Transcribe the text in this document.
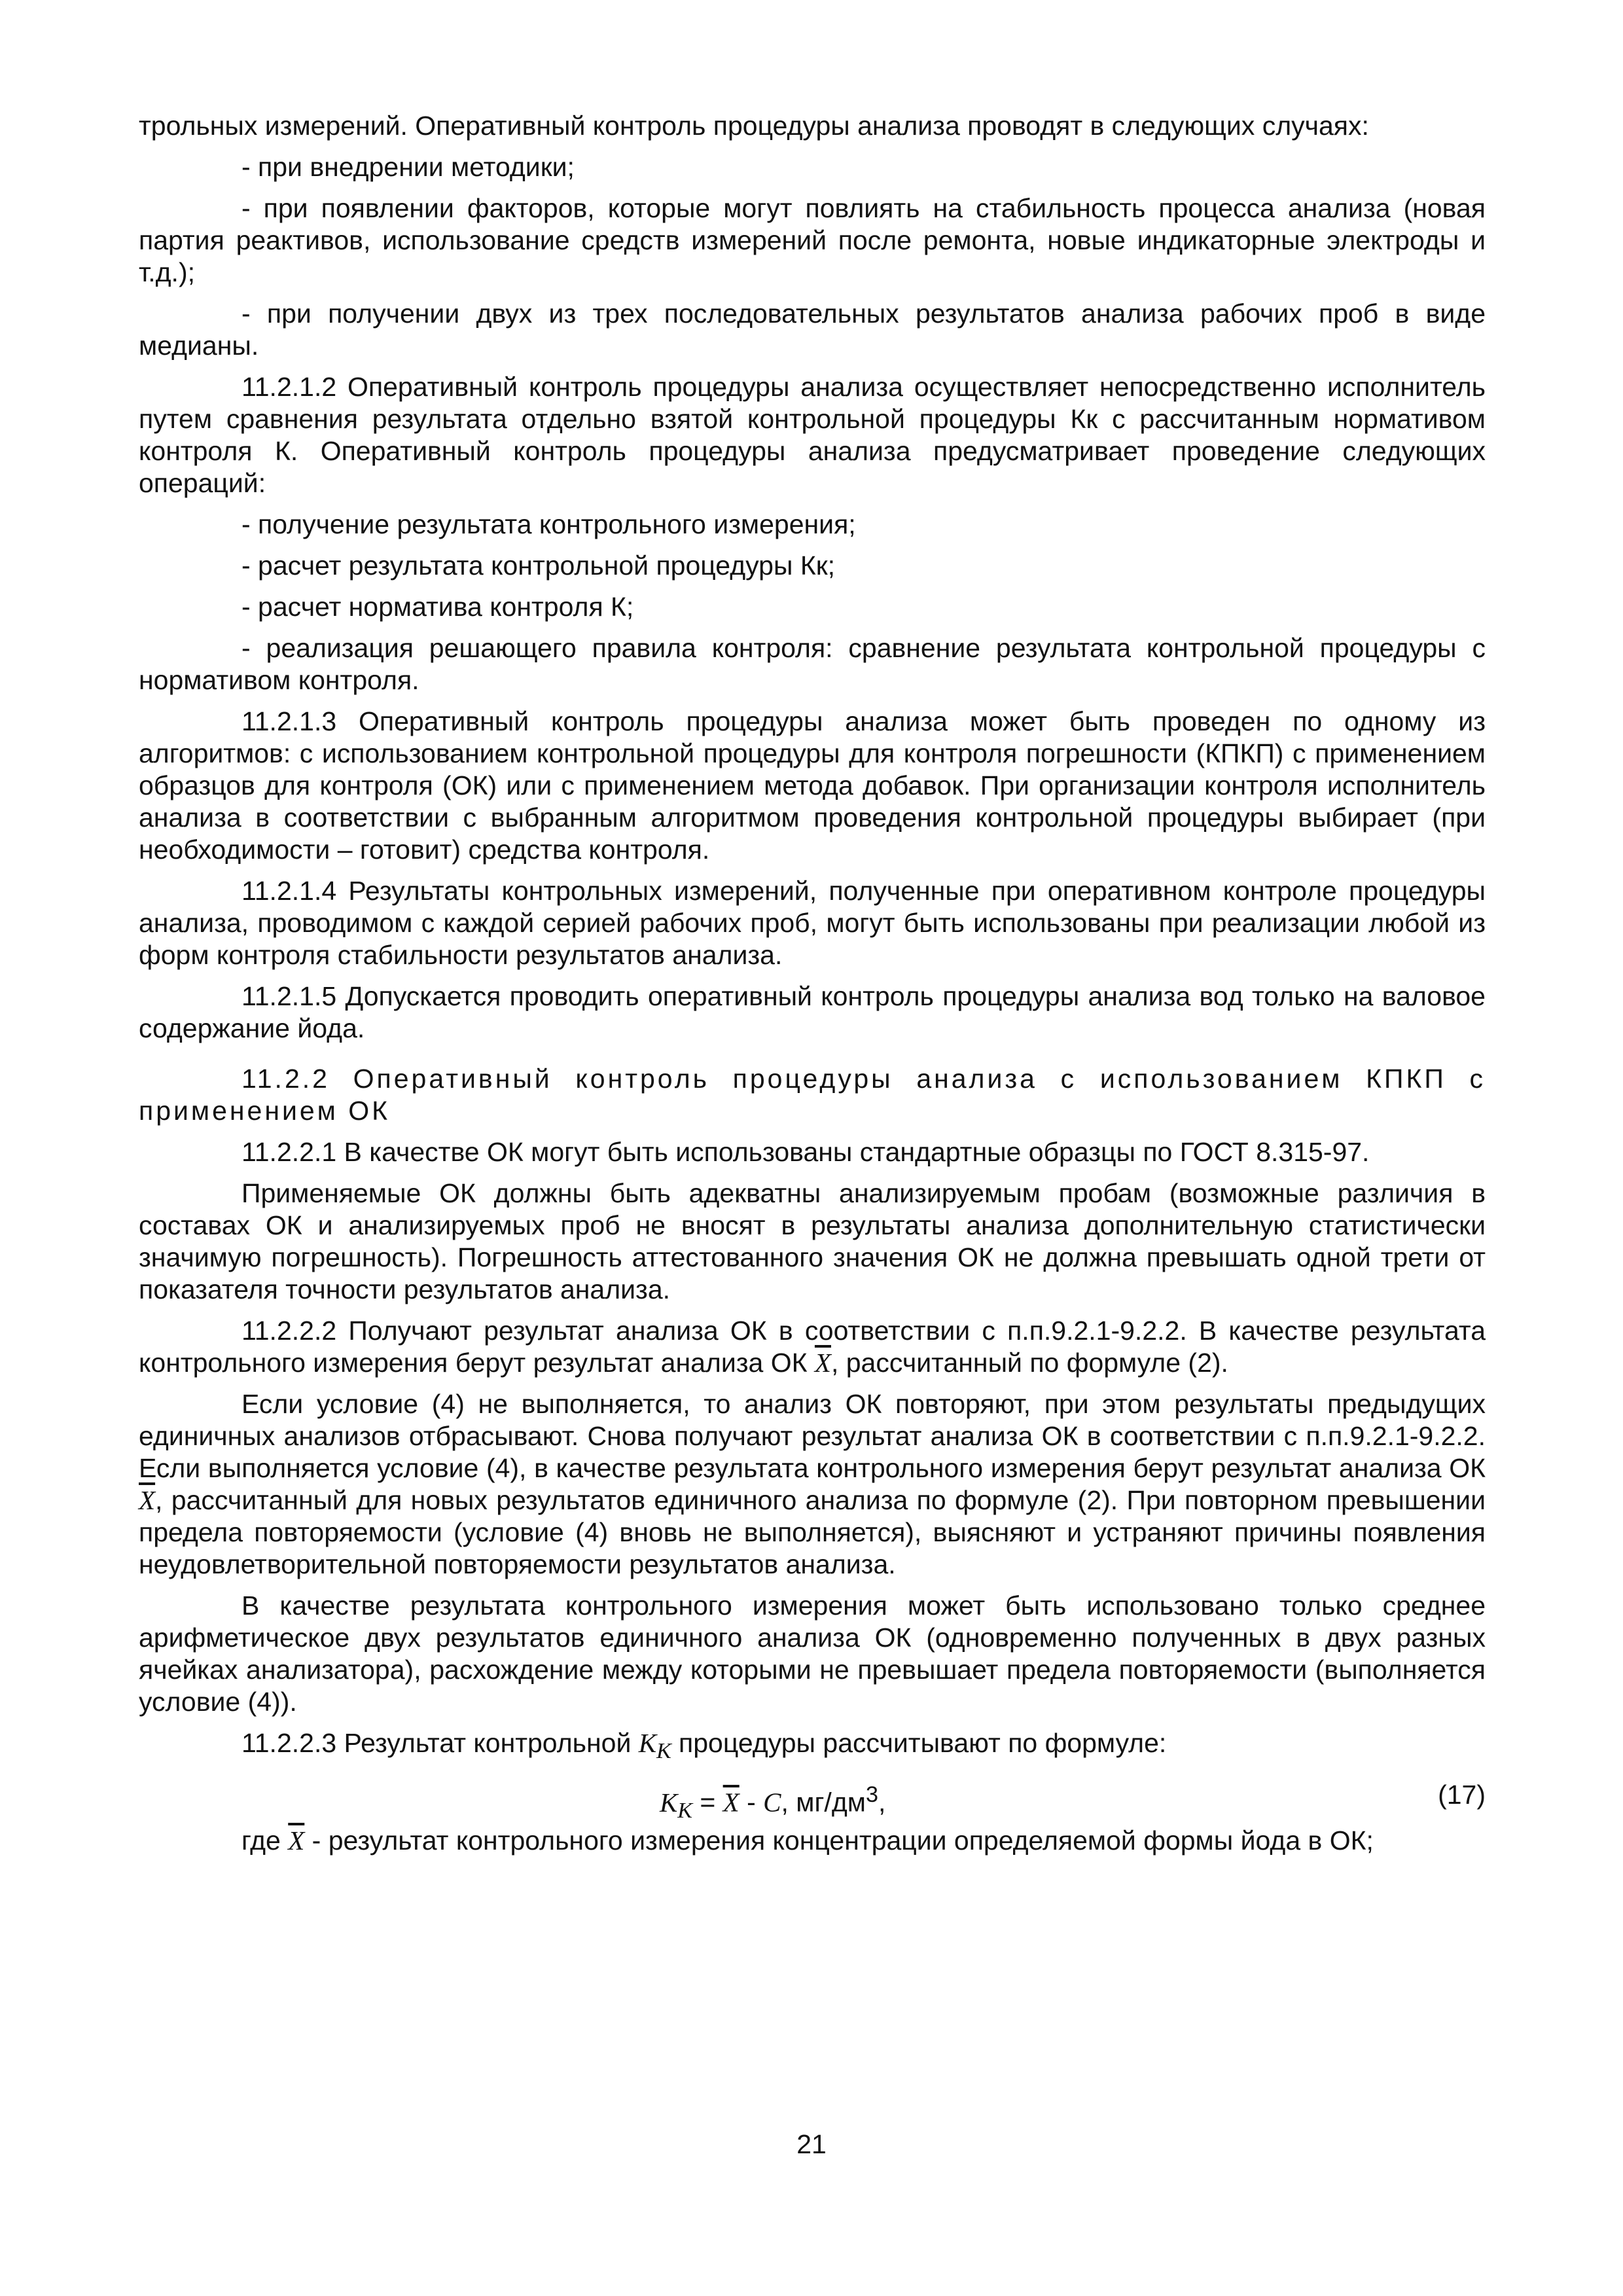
трольных измерений. Оперативный контроль процедуры анализа проводят в следующих случаях:

- при внедрении методики;

- при появлении факторов, которые могут повлиять на стабильность процесса анализа (новая партия реактивов, использование средств измерений после ремонта, новые индикаторные электроды и т.д.);

- при получении двух из трех последовательных результатов анализа рабочих проб в виде медианы.

11.2.1.2 Оперативный контроль процедуры анализа осуществляет непосредственно исполнитель путем сравнения результата отдельно взятой контрольной процедуры Кк с рассчитанным нормативом контроля К. Оперативный контроль процедуры анализа предусматривает проведение следующих операций:

- получение результата контрольного измерения;

- расчет результата контрольной процедуры Кк;

- расчет норматива контроля К;

- реализация решающего правила контроля: сравнение результата контрольной процедуры с нормативом контроля.

11.2.1.3 Оперативный контроль процедуры анализа может быть проведен по одному из алгоритмов: с использованием контрольной процедуры для контроля погрешности (КПКП) с применением образцов для контроля (ОК) или с применением метода добавок. При организации контроля исполнитель анализа в соответствии с выбранным алгоритмом проведения контрольной процедуры выбирает (при необходимости – готовит) средства контроля.

11.2.1.4 Результаты контрольных измерений, полученные при оперативном контроле процедуры анализа, проводимом с каждой серией рабочих проб, могут быть использованы при реализации любой из форм контроля стабильности результатов анализа.

11.2.1.5 Допускается проводить оперативный контроль процедуры анализа вод только на валовое содержание йода.

11.2.2 Оперативный контроль процедуры анализа с использованием КПКП с применением ОК

11.2.2.1 В качестве ОК могут быть использованы стандартные образцы по ГОСТ 8.315-97.

Применяемые ОК должны быть адекватны анализируемым пробам (возможные различия в составах ОК и анализируемых проб не вносят в результаты анализа дополнительную статистически значимую погрешность). Погрешность аттестованного значения ОК не должна превышать одной трети от показателя точности результатов анализа.

11.2.2.2 Получают результат анализа ОК в соответствии с п.п.9.2.1-9.2.2. В качестве результата контрольного измерения берут результат анализа ОК $\overline{X}$, рассчитанный по формуле (2).

Если условие (4) не выполняется, то анализ ОК повторяют, при этом результаты предыдущих единичных анализов отбрасывают. Снова получают результат анализа ОК в соответствии с п.п.9.2.1-9.2.2. Если выполняется условие (4), в качестве результата контрольного измерения берут результат анализа ОК $\overline{X}$, рассчитанный для новых результатов единичного анализа по формуле (2). При повторном превышении предела повторяемости (условие (4) вновь не выполняется), выясняют и устраняют причины появления неудовлетворительной повторяемости результатов анализа.

В качестве результата контрольного измерения может быть использовано только среднее арифметическое двух результатов единичного анализа ОК (одновременно полученных в двух разных ячейках анализатора), расхождение между которыми не превышает предела повторяемости (выполняется условие (4)).

11.2.2.3 Результат контрольной $К_К$ процедуры рассчитывают по формуле:

$К_К = \overline{X} - С$, $мг/дм^3$,	(17)

где $\overline{X}$ - результат контрольного измерения концентрации определяемой формы йода в ОК;

21
